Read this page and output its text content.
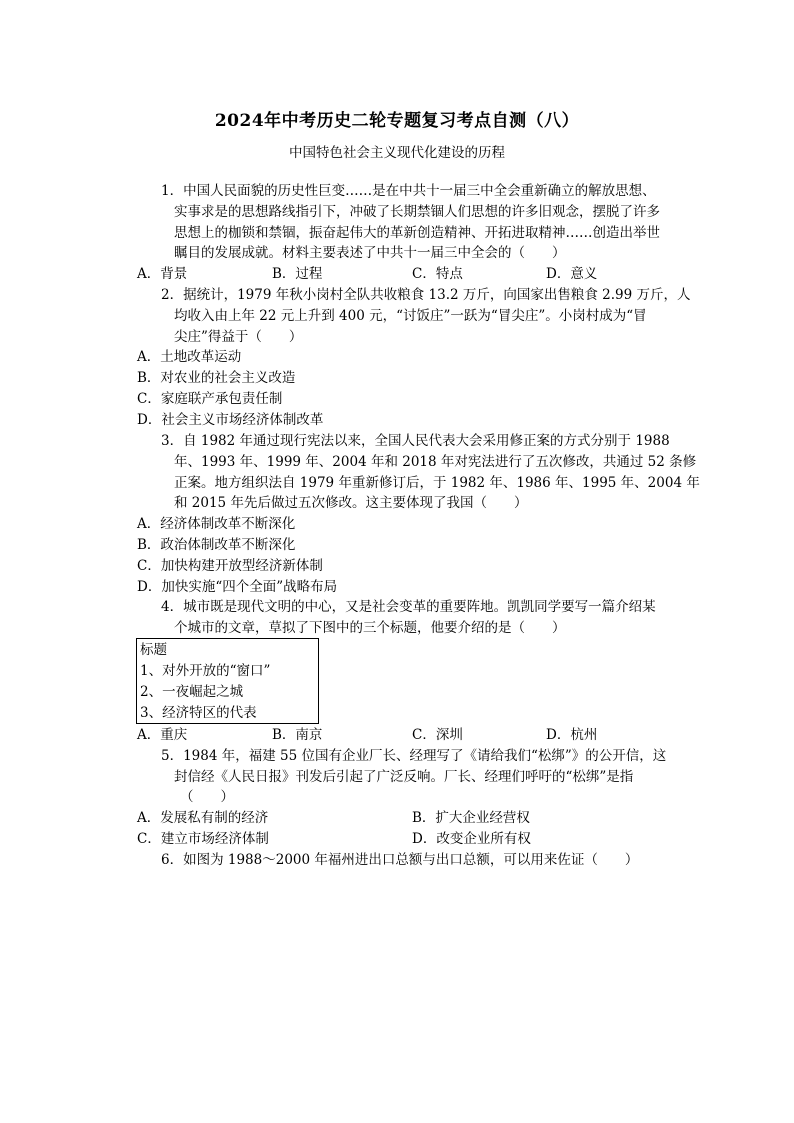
2024年中考历史二轮专题复习考点自测（八）
中国特色社会主义现代化建设的历程
1．中国人民面貌的历史性巨变……是在中共十一届三中全会重新确立的解放思想、
实事求是的思想路线指引下，冲破了长期禁锢人们思想的许多旧观念，摆脱了许多
思想上的枷锁和禁锢，振奋起伟大的革新创造精神、开拓进取精神……创造出举世
瞩目的发展成就。材料主要表述了中共十一届三中全会的（　　）
A．背景	B．过程	C．特点	D．意义
2．据统计，1979 年秋小岗村全队共收粮食 13.2 万斤，向国家出售粮食 2.99 万斤，人
均收入由上年 22 元上升到 400 元，“讨饭庄”一跃为“冒尖庄”。小岗村成为“冒
尖庄”得益于（　　）
A．土地改革运动
B．对农业的社会主义改造
C．家庭联产承包责任制
D．社会主义市场经济体制改革
3．自 1982 年通过现行宪法以来，全国人民代表大会采用修正案的方式分别于 1988
年、1993 年、1999 年、2004 年和 2018 年对宪法进行了五次修改，共通过 52 条修
正案。地方组织法自 1979 年重新修订后，于 1982 年、1986 年、1995 年、2004 年
和 2015 年先后做过五次修改。这主要体现了我国（　　）
A．经济体制改革不断深化
B．政治体制改革不断深化
C．加快构建开放型经济新体制
D．加快实施“四个全面”战略布局
4．城市既是现代文明的中心，又是社会变革的重要阵地。凯凯同学要写一篇介绍某
个城市的文章，草拟了下图中的三个标题，他要介绍的是（　　）
标题
1、对外开放的“窗口”
2、一夜崛起之城
3、经济特区的代表
A．重庆	B．南京	C．深圳	D．杭州
5．1984 年，福建 55 位国有企业厂长、经理写了《请给我们“松绑”》的公开信，这
封信经《人民日报》刊发后引起了广泛反响。厂长、经理们呼吁的“松绑”是指
（　　）
A．发展私有制的经济	B．扩大企业经营权
C．建立市场经济体制	D．改变企业所有权
6．如图为 1988～2000 年福州进出口总额与出口总额，可以用来佐证（　　）
